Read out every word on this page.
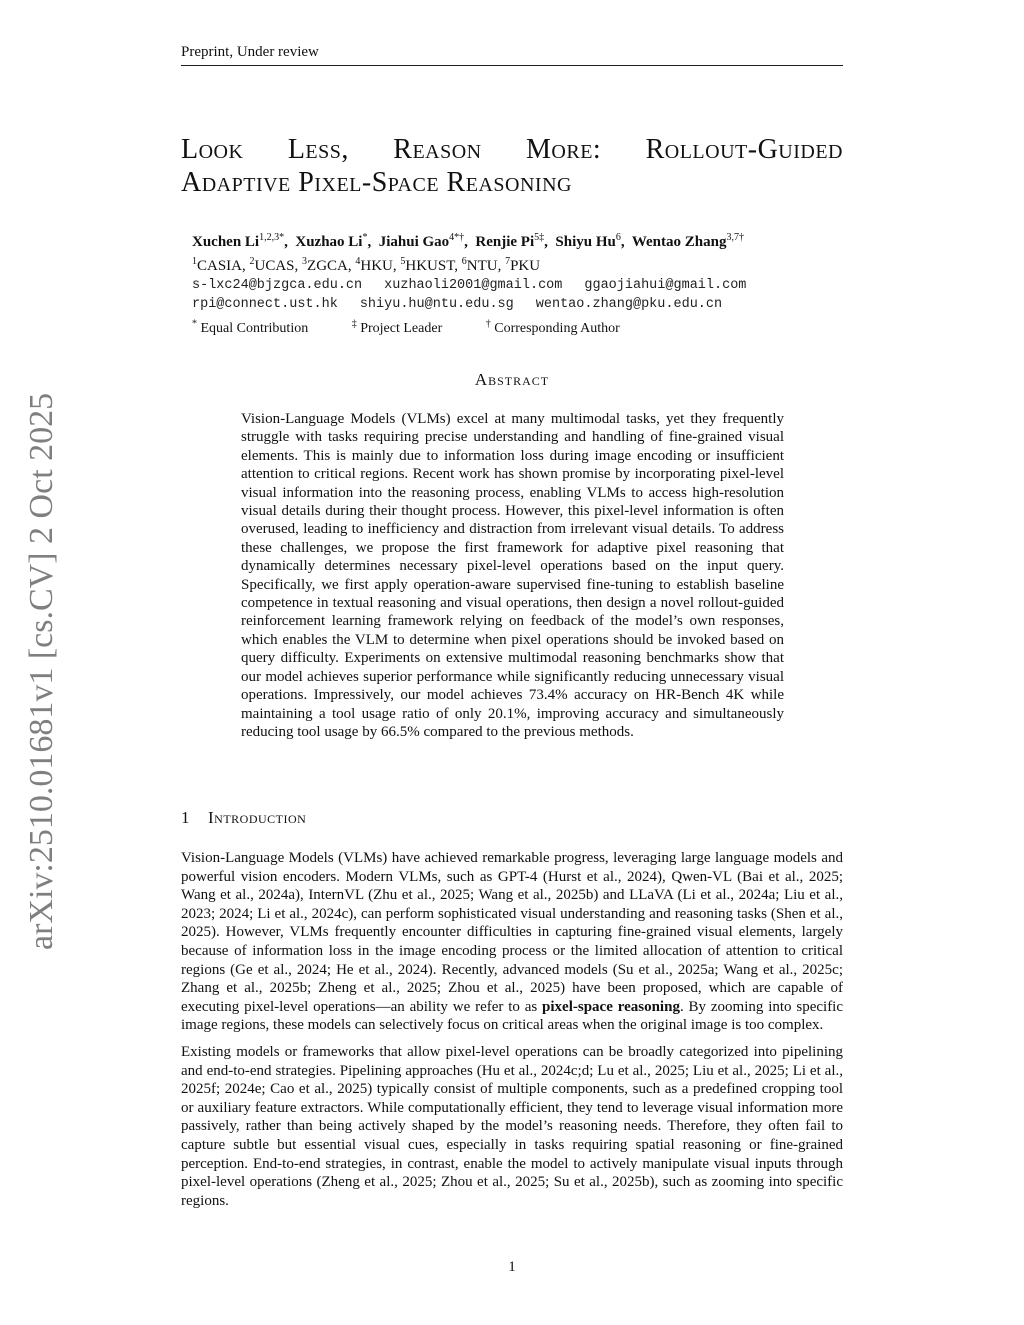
Preprint, Under review
Look Less, Reason More: Rollout-Guided

Adaptive Pixel-Space Reasoning
Xuchen $Li^{1,2,3*}$,  Xuzhao Li*,  Jiahui Gao$^{4*\dagger}$,  Renjie $Pi^{5\ddagger}$,  Shiyu Hu$^6$,  Wentao Zhang$^{3,7\dagger}$
$^1$CASIA, $^2$UCAS, $^3$ZGCA, $^4$HKU, $^5$HKUST, $^6$NTU, $^7$PKU
s-lxc24@bjzgca.edu.cn xuzhaoli2001@gmail.com ggaojiahui@gmail.com
rpi@connect.ust.hk shiyu.hu@ntu.edu.sg wentao.zhang@pku.edu.cn
* Equal Contribution	‡ Project Leader	† Corresponding Author
Abstract
Vision-Language Models (VLMs) excel at many multimodal tasks, yet they frequently struggle with tasks requiring precise understanding and handling of fine-grained visual elements. This is mainly due to information loss during image encoding or insufficient attention to critical regions. Recent work has shown promise by incorporating pixel-level visual information into the reasoning process, enabling VLMs to access high-resolution visual details during their thought process. However, this pixel-level information is often overused, leading to inefficiency and distraction from irrelevant visual details. To address these challenges, we propose the first framework for adaptive pixel reasoning that dynamically determines necessary pixel-level operations based on the input query. Specifically, we first apply operation-aware supervised fine-tuning to establish baseline competence in textual reasoning and visual operations, then design a novel rollout-guided reinforcement learning framework relying on feedback of the model’s own responses, which enables the VLM to determine when pixel operations should be invoked based on query difficulty. Experiments on extensive multimodal reasoning benchmarks show that our model achieves superior performance while significantly reducing unnecessary visual operations. Impressively, our model achieves 73.4% accuracy on HR-Bench 4K while maintaining a tool usage ratio of only 20.1%, improving accuracy and simultaneously reducing tool usage by 66.5% compared to the previous methods.
1 Introduction

Vision-Language Models (VLMs) have achieved remarkable progress, leveraging large language models and powerful vision encoders. Modern VLMs, such as GPT-4 (Hurst et al., 2024), Qwen-VL (Bai et al., 2025; Wang et al., 2024a), InternVL (Zhu et al., 2025; Wang et al., 2025b) and LLaVA (Li et al., 2024a; Liu et al., 2023; 2024; Li et al., 2024c), can perform sophisticated visual understanding and reasoning tasks (Shen et al., 2025). However, VLMs frequently encounter difficulties in capturing fine-grained visual elements, largely because of information loss in the image encoding process or the limited allocation of attention to critical regions (Ge et al., 2024; He et al., 2024). Recently, advanced models (Su et al., 2025a; Wang et al., 2025c; Zhang et al., 2025b; Zheng et al., 2025; Zhou et al., 2025) have been proposed, which are capable of executing pixel-level operations—an ability we refer to as pixel-space reasoning. By zooming into specific image regions, these models can selectively focus on critical areas when the original image is too complex.

Existing models or frameworks that allow pixel-level operations can be broadly categorized into pipelining and end-to-end strategies. Pipelining approaches (Hu et al., 2024c;d; Lu et al., 2025; Liu et al., 2025; Li et al., 2025f; 2024e; Cao et al., 2025) typically consist of multiple components, such as a predefined cropping tool or auxiliary feature extractors. While computationally efficient, they tend to leverage visual information more passively, rather than being actively shaped by the model’s reasoning needs. Therefore, they often fail to capture subtle but essential visual cues, especially in tasks requiring spatial reasoning or fine-grained perception. End-to-end strategies, in contrast, enable the model to actively manipulate visual inputs through pixel-level operations (Zheng et al., 2025; Zhou et al., 2025; Su et al., 2025b), such as zooming into specific regions.

1
arXiv:2510.01681v1 [cs.CV] 2 Oct 2025
